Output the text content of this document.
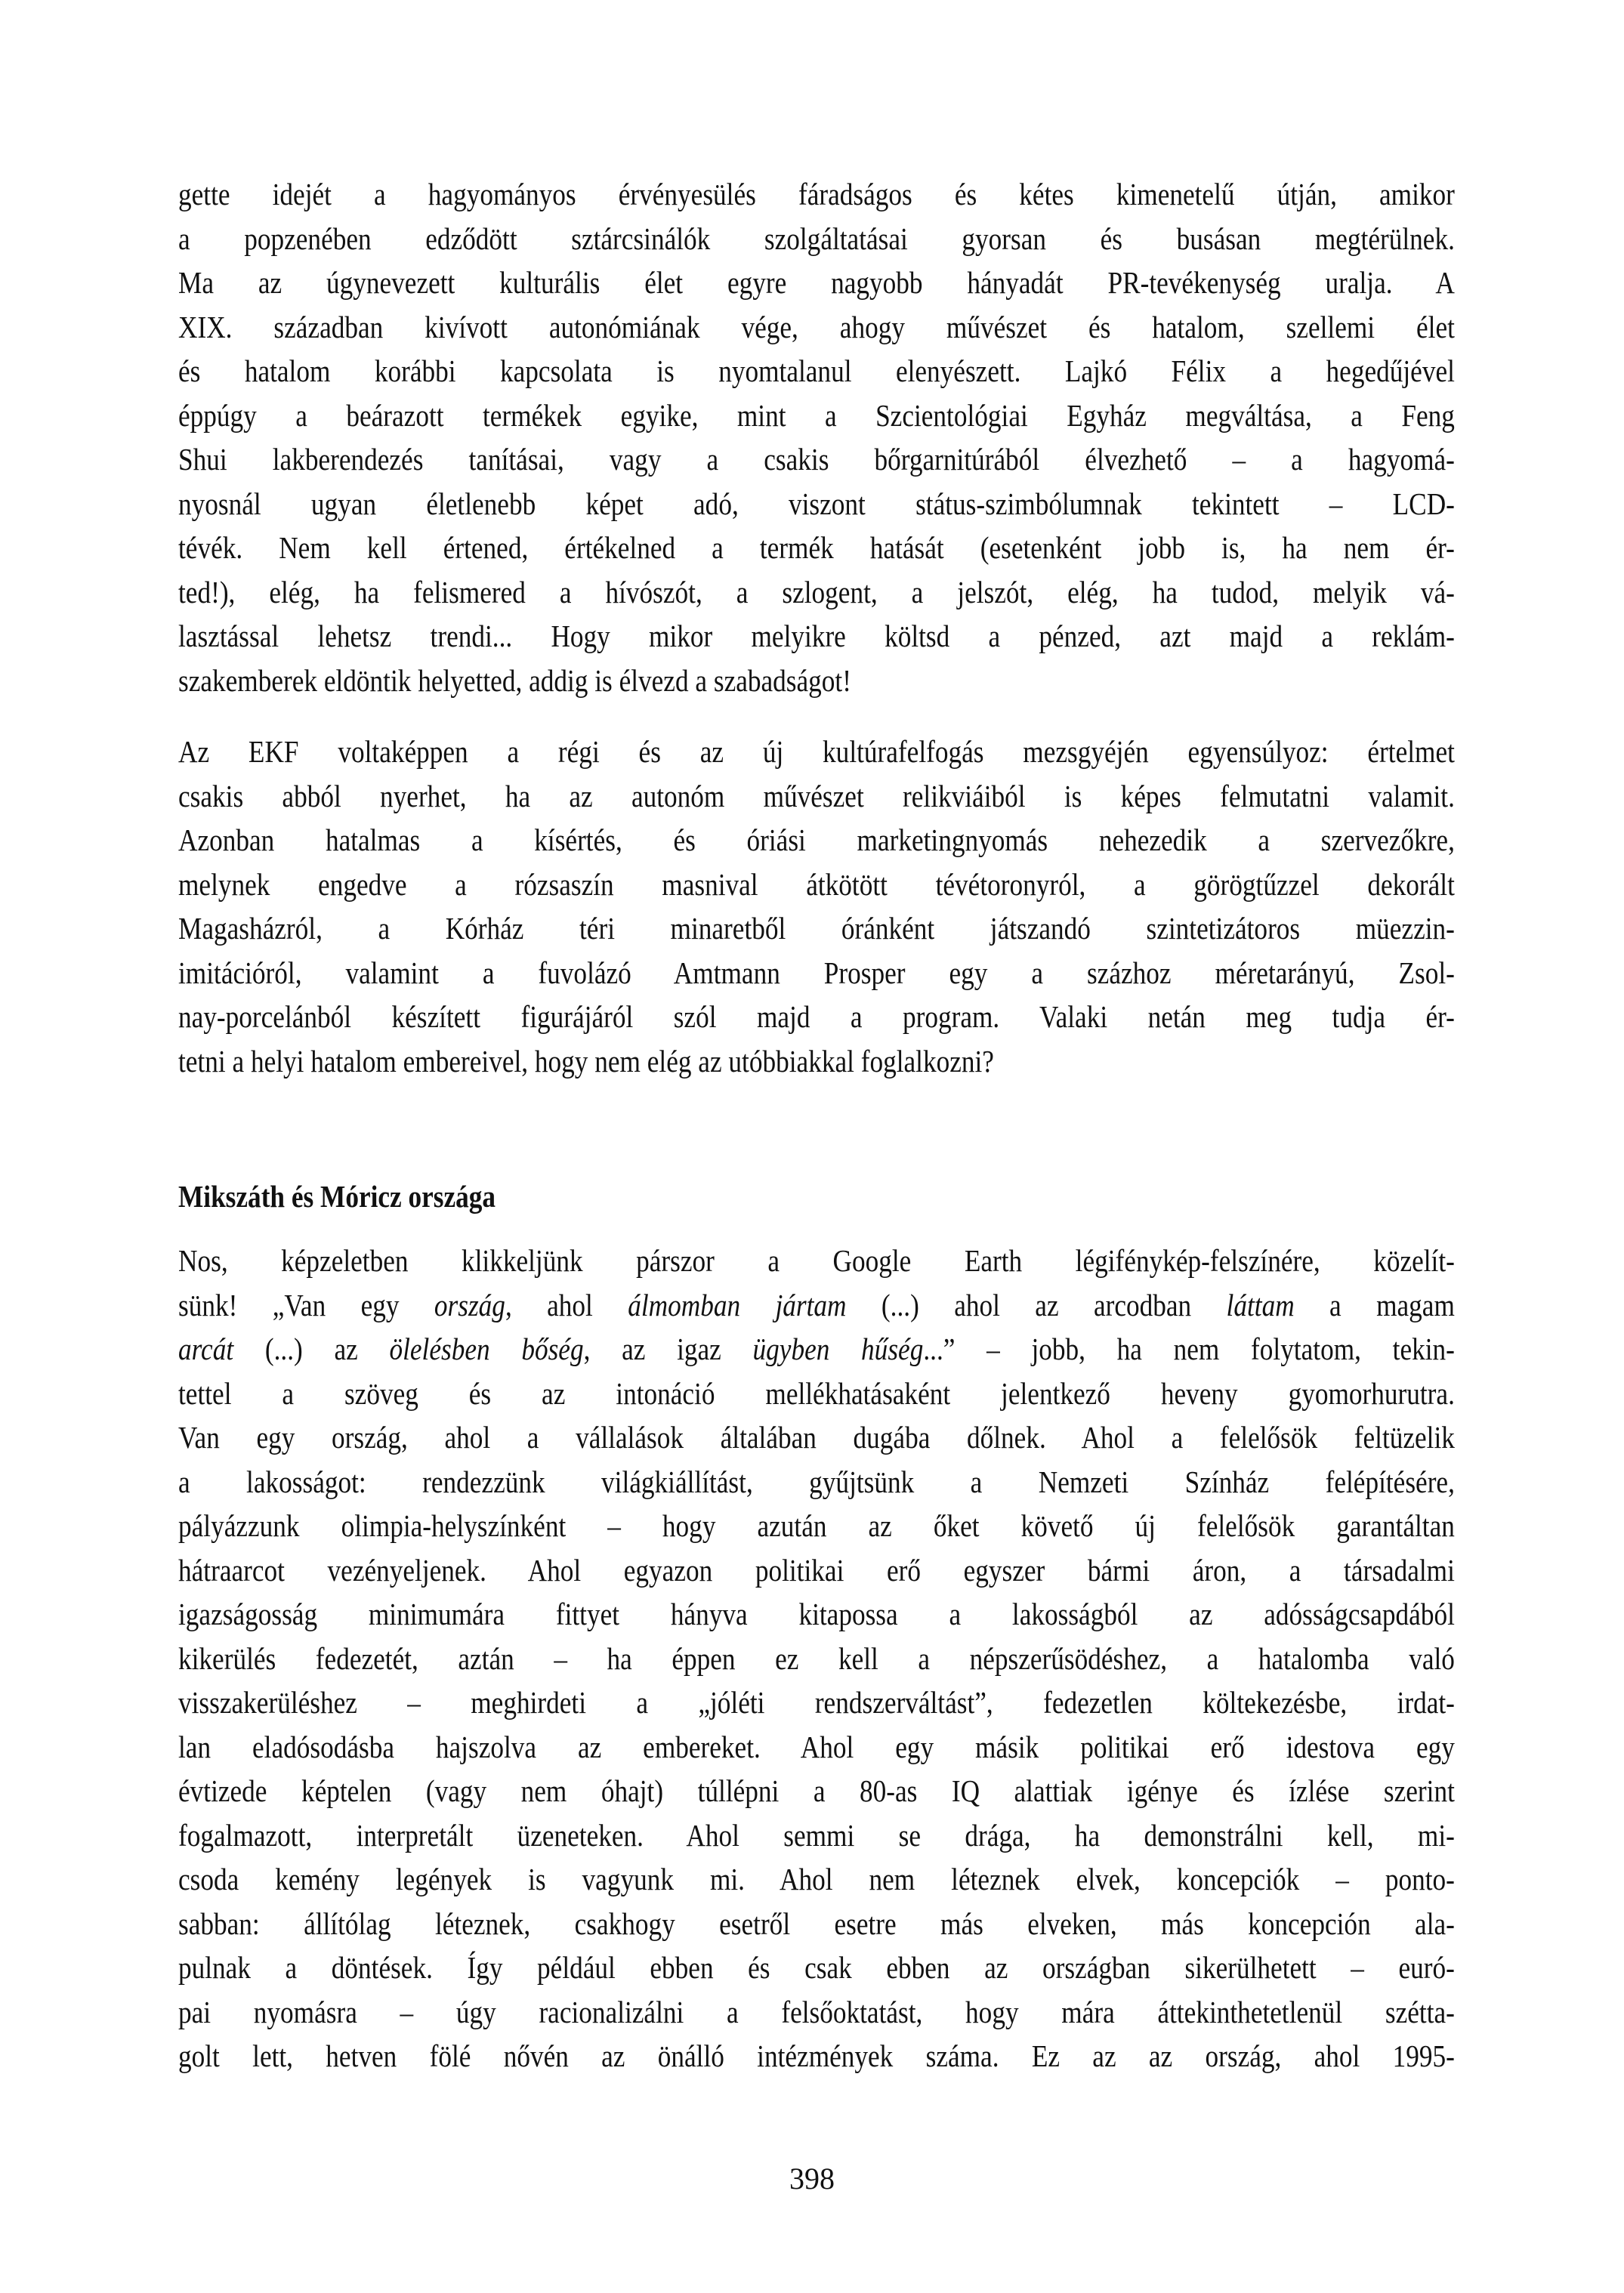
gette idejét a hagyományos érvényesülés fáradságos és kétes kimenetelű útján, amikor
a popzenében edződött sztárcsinálók szolgáltatásai gyorsan és busásan megtérülnek.
Ma az úgynevezett kulturális élet egyre nagyobb hányadát PR-tevékenység uralja. A
XIX. században kivívott autonómiának vége, ahogy művészet és hatalom, szellemi élet
és hatalom korábbi kapcsolata is nyomtalanul elenyészett. Lajkó Félix a hegedűjével
éppúgy a beárazott termékek egyike, mint a Szcientológiai Egyház megváltása, a Feng
Shui lakberendezés tanításai, vagy a csakis bőrgarnitúrából élvezhető – a hagyomá-
nyosnál ugyan életlenebb képet adó, viszont státus-szimbólumnak tekintett – LCD-
tévék. Nem kell értened, értékelned a termék hatását (esetenként jobb is, ha nem ér-
ted!), elég, ha felismered a hívószót, a szlogent, a jelszót, elég, ha tudod, melyik vá-
lasztással lehetsz trendi... Hogy mikor melyikre költsd a pénzed, azt majd a reklám-
szakemberek eldöntik helyetted, addig is élvezd a szabadságot!
Az EKF voltaképpen a régi és az új kultúrafelfogás mezsgyéjén egyensúlyoz: értelmet
csakis abból nyerhet, ha az autonóm művészet relikviáiból is képes felmutatni valamit.
Azonban hatalmas a kísértés, és óriási marketingnyomás nehezedik a szervezőkre,
melynek engedve a rózsaszín masnival átkötött tévétoronyról, a görögtűzzel dekorált
Magasházról, a Kórház téri minaretből óránként játszandó szintetizátoros müezzin-
imitációról, valamint a fuvolázó Amtmann Prosper egy a százhoz méretarányú, Zsol-
nay-porcelánból készített figurájáról szól majd a program. Valaki netán meg tudja ér-
tetni a helyi hatalom embereivel, hogy nem elég az utóbbiakkal foglalkozni?
Mikszáth és Móricz országa
Nos, képzeletben klikkeljünk párszor a Google Earth légifénykép-felszínére, közelít-
sünk! „Van egy ország, ahol álmomban jártam (...) ahol az arcodban láttam a magam
arcát (...) az ölelésben bőség, az igaz ügyben hűség...” – jobb, ha nem folytatom, tekin-
tettel a szöveg és az intonáció mellékhatásaként jelentkező heveny gyomorhurutra.
Van egy ország, ahol a vállalások általában dugába dőlnek. Ahol a felelősök feltüzelik
a lakosságot: rendezzünk világkiállítást, gyűjtsünk a Nemzeti Színház felépítésére,
pályázzunk olimpia-helyszínként – hogy azután az őket követő új felelősök garantáltan
hátraarcot vezényeljenek. Ahol egyazon politikai erő egyszer bármi áron, a társadalmi
igazságosság minimumára fittyet hányva kitapossa a lakosságból az adósságcsapdából
kikerülés fedezetét, aztán – ha éppen ez kell a népszerűsödéshez, a hatalomba való
visszakerüléshez – meghirdeti a „jóléti rendszerváltást”, fedezetlen költekezésbe, irdat-
lan eladósodásba hajszolva az embereket. Ahol egy másik politikai erő idestova egy
évtizede képtelen (vagy nem óhajt) túllépni a 80-as IQ alattiak igénye és ízlése szerint
fogalmazott, interpretált üzeneteken. Ahol semmi se drága, ha demonstrálni kell, mi-
csoda kemény legények is vagyunk mi. Ahol nem léteznek elvek, koncepciók – ponto-
sabban: állítólag léteznek, csakhogy esetről esetre más elveken, más koncepción ala-
pulnak a döntések. Így például ebben és csak ebben az országban sikerülhetett – euró-
pai nyomásra – úgy racionalizálni a felsőoktatást, hogy mára áttekinthetetlenül szétta-
golt lett, hetven fölé nővén az önálló intézmények száma. Ez az az ország, ahol 1995-
398
